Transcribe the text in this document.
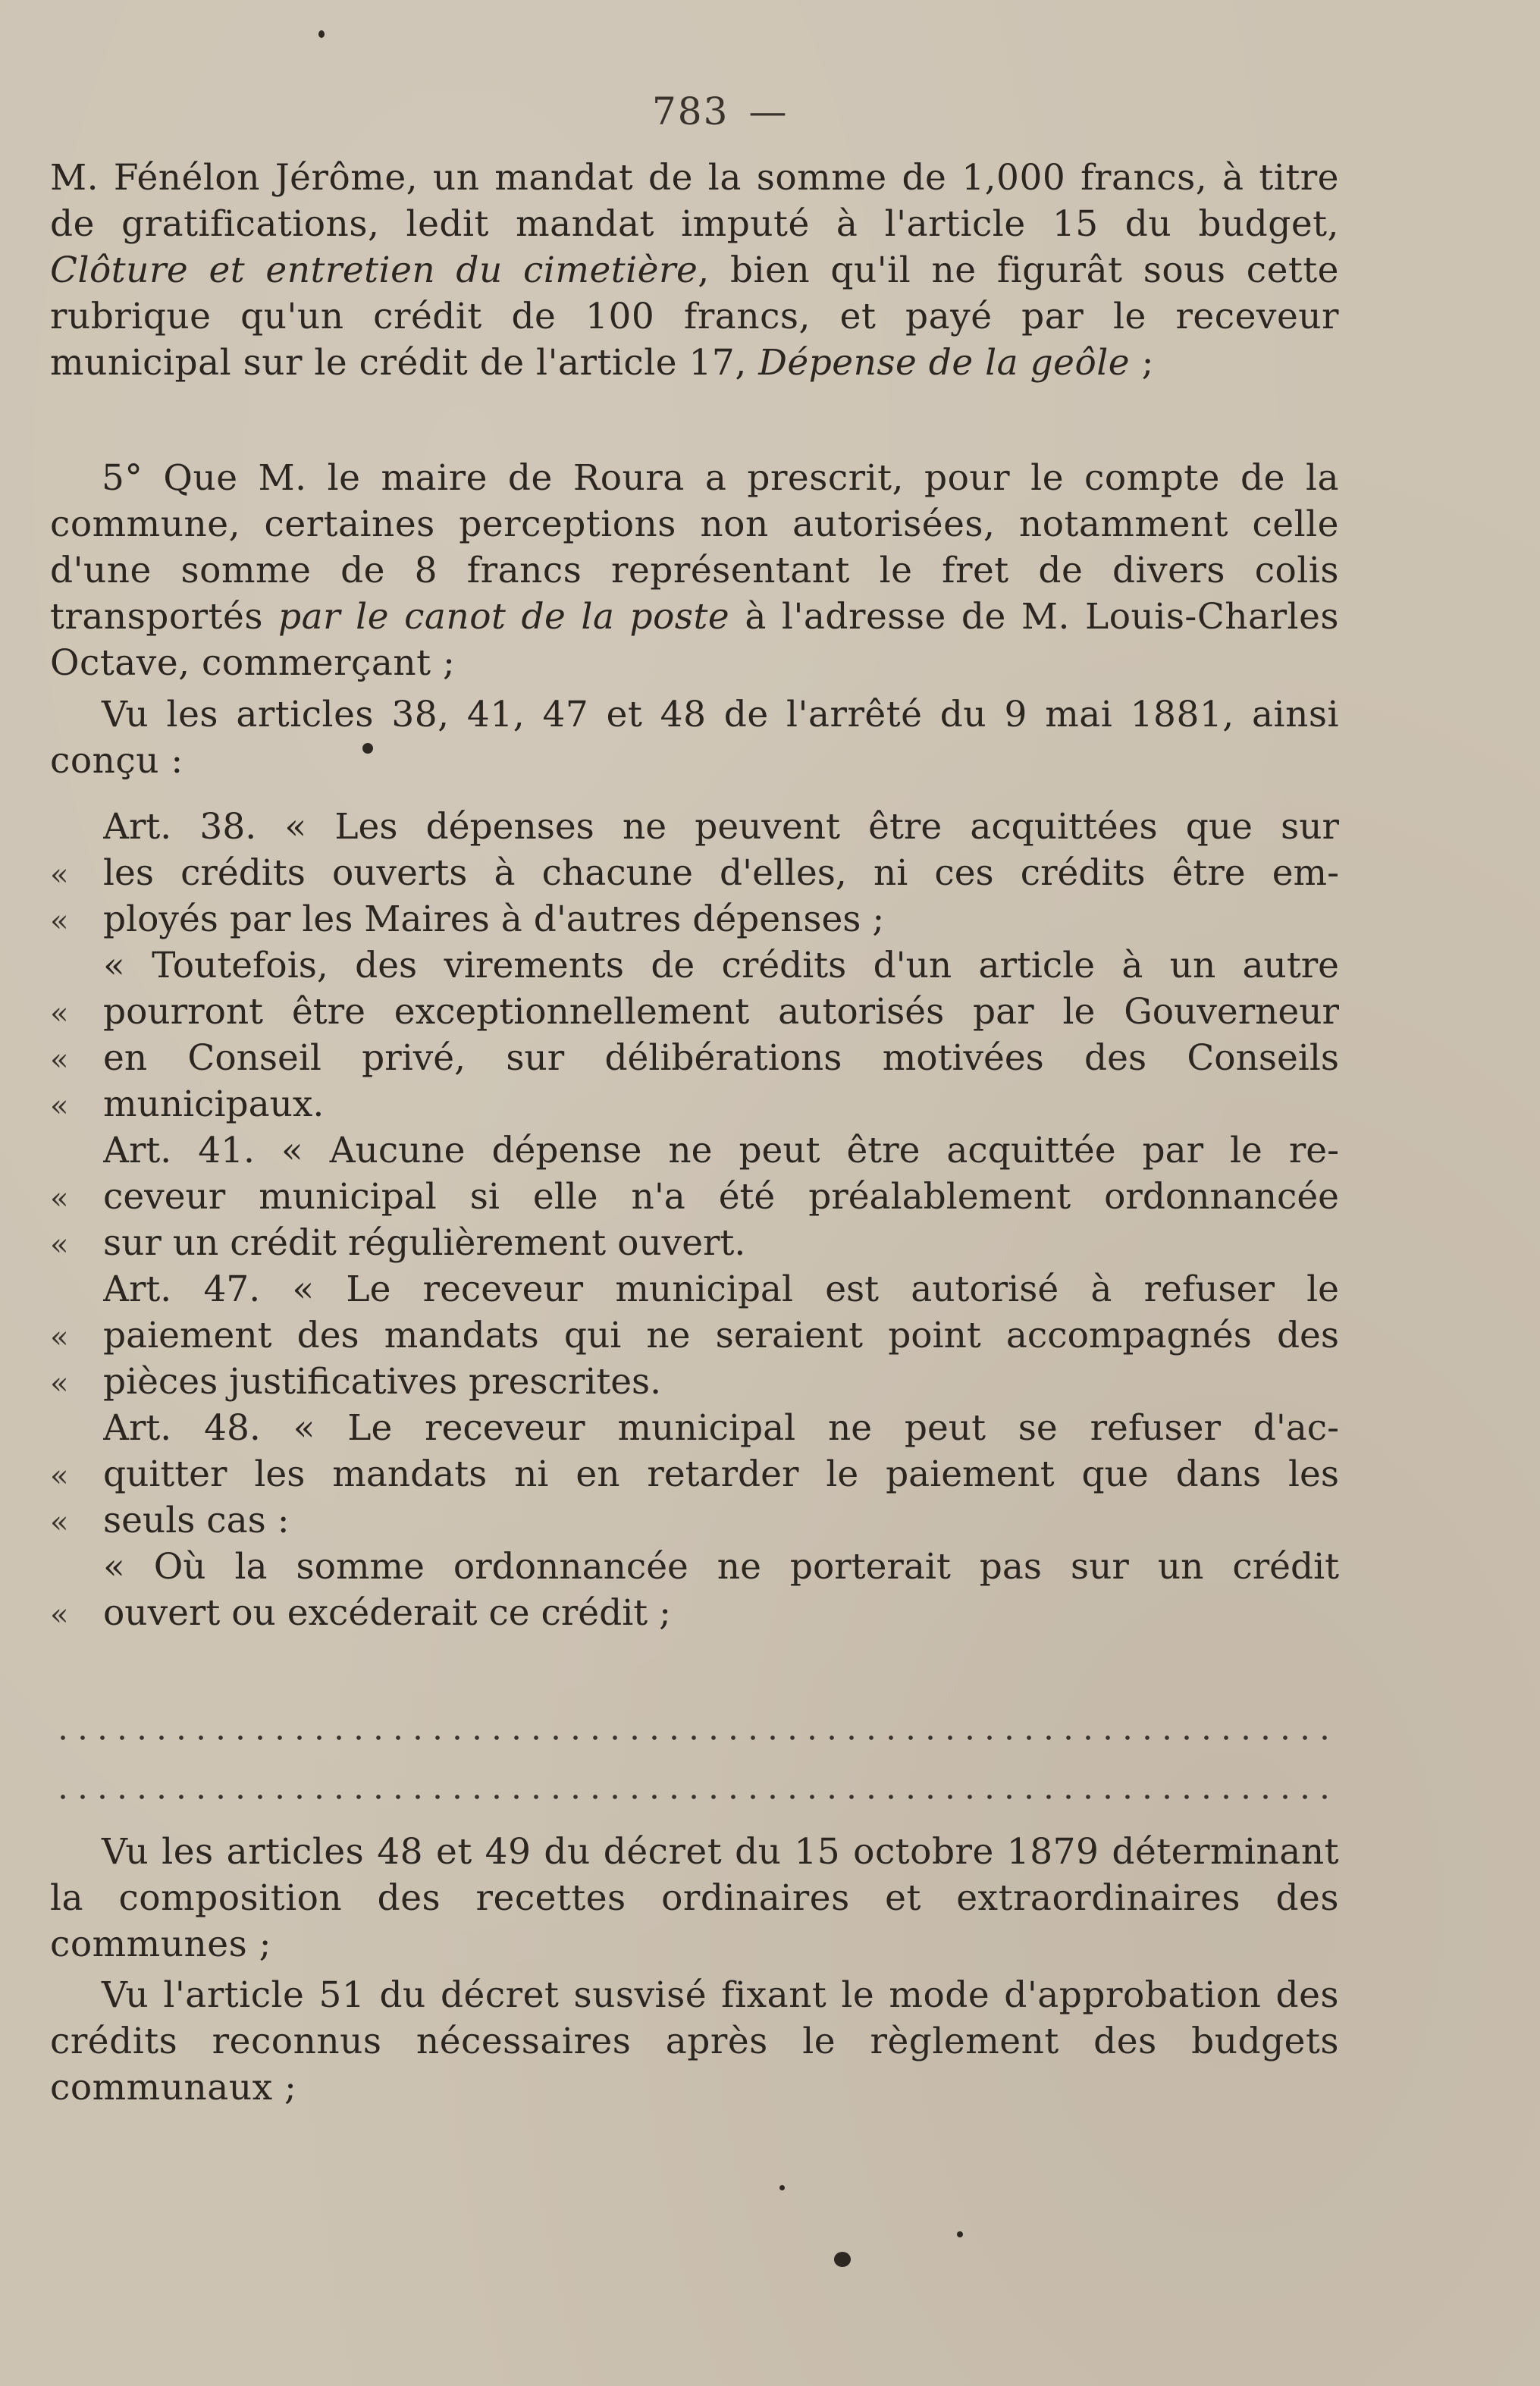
783 —

M. Fénélon Jérôme, un mandat de la somme de 1,000 francs, à titre de gratifications, ledit mandat imputé à l'article 15 du budget, Clôture et entretien du cimetière, bien qu'il ne figurât sous cette rubrique qu'un crédit de 100 francs, et payé par le receveur municipal sur le crédit de l'article 17, Dépense de la geôle ;

5° Que M. le maire de Roura a prescrit, pour le compte de la commune, certaines perceptions non autorisées, notamment celle d'une somme de 8 francs représentant le fret de divers colis transportés par le canot de la poste à l'adresse de M. Louis-Charles Octave, commerçant ;

Vu les articles 38, 41, 47 et 48 de l'arrêté du 9 mai 1881, ainsi conçu :

Art. 38. « Les dépenses ne peuvent être acquittées que sur
« les crédits ouverts à chacune d'elles, ni ces crédits être em-
« ployés par les Maires à d'autres dépenses ;
« Toutefois, des virements de crédits d'un article à un autre
« pourront être exceptionnellement autorisés par le Gouverneur
« en Conseil privé, sur délibérations motivées des Conseils
« municipaux.
Art. 41. « Aucune dépense ne peut être acquittée par le re-
« ceveur municipal si elle n'a été préalablement ordonnancée
« sur un crédit régulièrement ouvert.
Art. 47. « Le receveur municipal est autorisé à refuser le
« paiement des mandats qui ne seraient point accompagnés des
« pièces justificatives prescrites.
Art. 48. « Le receveur municipal ne peut se refuser d'ac-
« quitter les mandats ni en retarder le paiement que dans les
« seuls cas :
« Où la somme ordonnancée ne porterait pas sur un crédit
« ouvert ou excéderait ce crédit ;

Vu les articles 48 et 49 du décret du 15 octobre 1879 déterminant la composition des recettes ordinaires et extraordinaires des communes ;

Vu l'article 51 du décret susvisé fixant le mode d'approbation des crédits reconnus nécessaires après le règlement des budgets communaux ;
